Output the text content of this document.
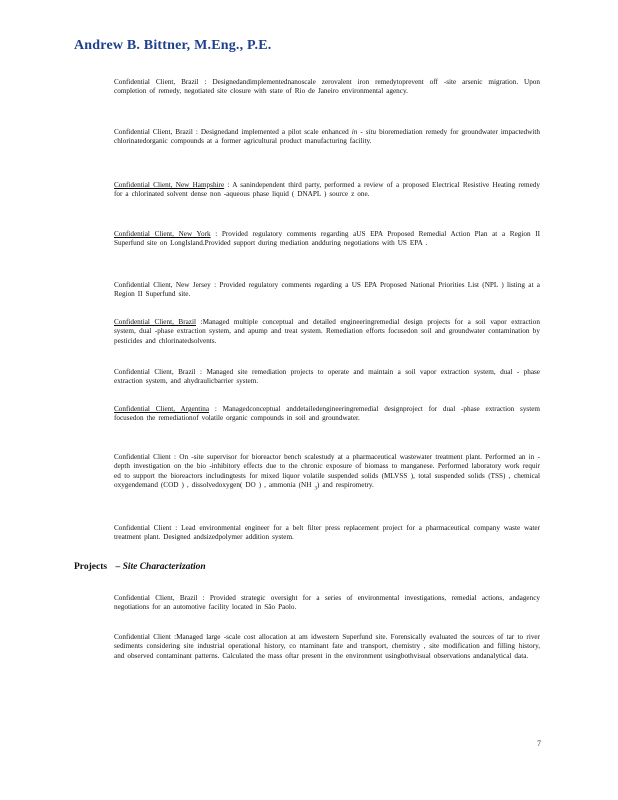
Andrew B. Bittner, M.Eng., P.E.

Confidential Client, Brazil : Designedandimplementednanoscale zerovalent iron remedytoprevent off -site arsenic migration. Upon completion of remedy, negotiated site closure with state of Rio de Janeiro environmental agency.

Confidential Client, Brazil : Designedand implemented a pilot scale enhanced in - situ bioremediation remedy for groundwater impactedwith chlorinatedorganic compounds at a former agricultural product manufacturing facility.

Confidential Client, New Hampshire : A sanindependent third party, performed a review of a proposed Electrical Resistive Heating remedy for a chlorinated solvent dense non -aqueous phase liquid ( DNAPL ) source z one.

Confidential Client, New York : Provided regulatory comments regarding aUS EPA Proposed Remedial Action Plan at a Region II Superfund site on LongIsland.Provided support during mediation andduring negotiations with US EPA .

Confidential Client, New Jersey : Provided regulatory comments regarding a US EPA Proposed National Priorities List (NPL ) listing at a Region II Superfund site.

Confidential Client, Brazil :Managed multiple conceptual and detailed engineeringremedial design projects for a soil vapor extraction system, dual -phase extraction system, and apump and treat system. Remediation efforts focusedon soil and groundwater contamination by pesticides and chlorinatedsolvents.

Confidential Client, Brazil : Managed site remediation projects to operate and maintain a soil vapor extraction system, dual - phase extraction system, and ahydraulicbarrier system.

Confidential Client, Argentina : Managedconceptual anddetailedengineeringremedial designproject for dual -phase extraction system focusedon the remediationof volatile organic compounds in soil and groundwater.

Confidential Client : On -site supervisor for bioreactor bench scalestudy at a pharmaceutical wastewater treatment plant. Performed an in - depth investigation on the bio -inhibitory effects due to the chronic exposure of biomass to manganese. Performed laboratory work requir ed to support the bioreactors includingtests for mixed liquor volatile suspended solids (MLVSS ), total suspended solids (TSS) , chemical oxygendemand (COD ) , dissolvedoxygen( DO ) , ammonia (NH $_3$) and respirometry.

Confidential Client : Lead environmental engineer for a belt filter press replacement project for a pharmaceutical company waste water treatment plant. Designed andsizedpolymer addition system.

Projects – Site Characterization

Confidential Client, Brazil : Provided strategic oversight for a series of environmental investigations, remedial actions, andagency negotiations for an automotive facility located in São Paolo.

Confidential Client :Managed large -scale cost allocation at am idwestern Superfund site. Forensically evaluated the sources of tar to river sediments considering site industrial operational history, co ntaminant fate and transport, chemistry , site modification and filling history, and observed contaminant patterns. Calculated the mass oftar present in the environment usingbothvisual observations andanalytical data.

7
